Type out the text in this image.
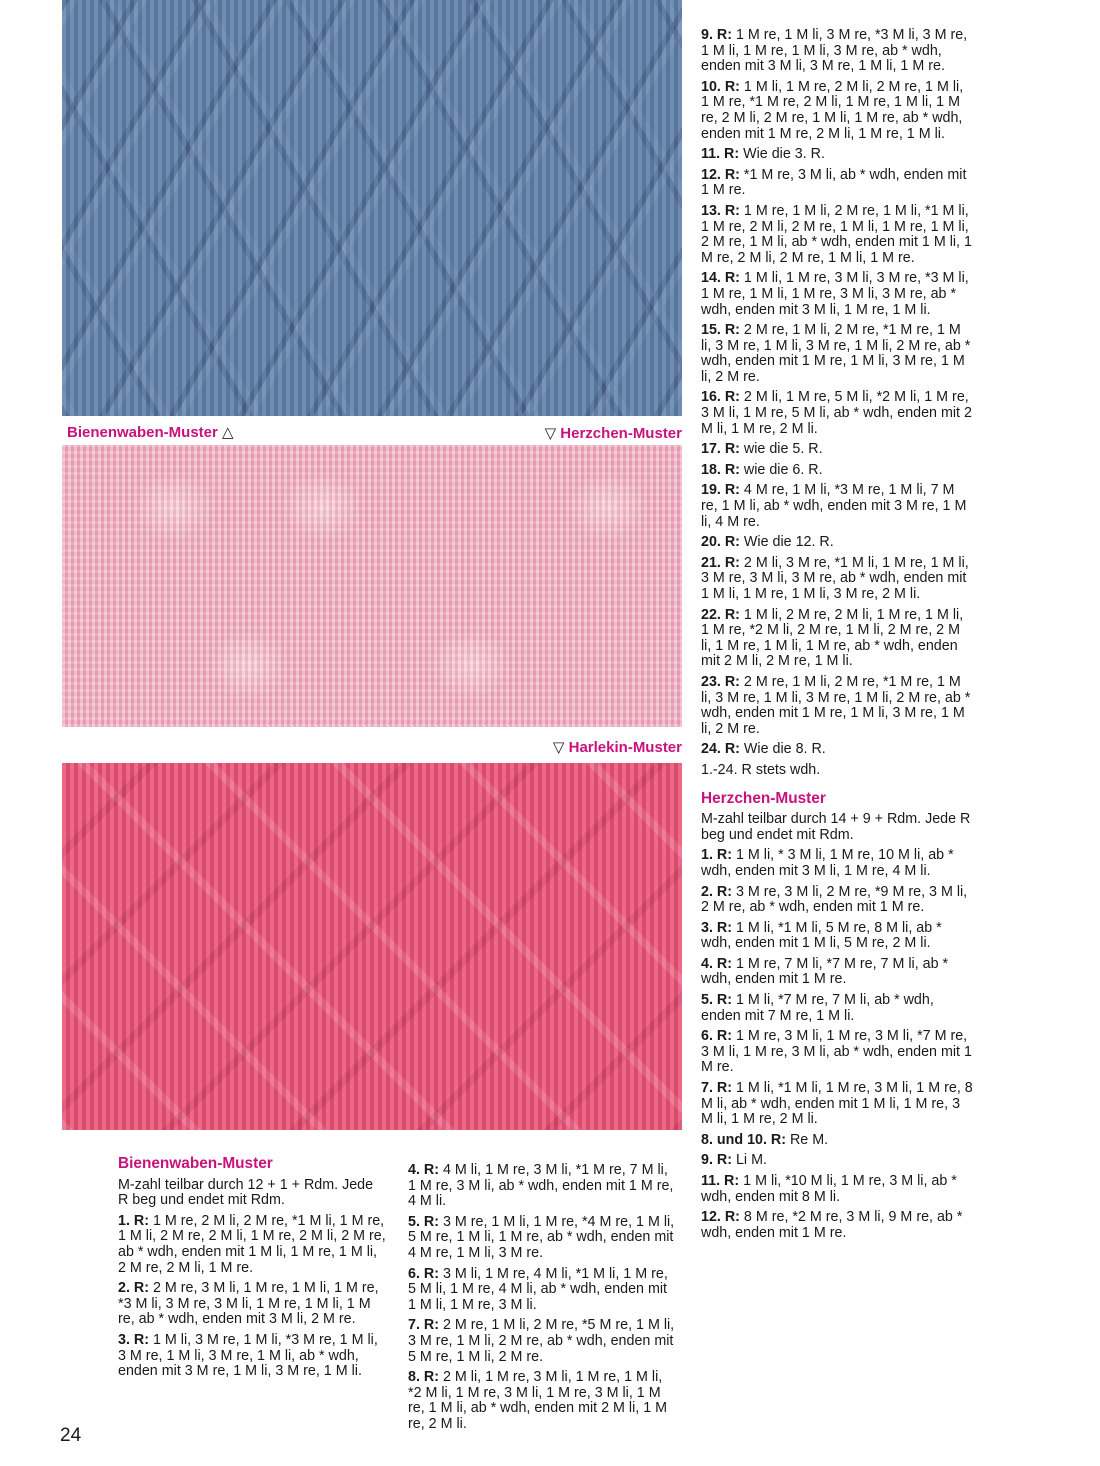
Bienenwaben-Muster △	▽ Herzchen-Muster
▽ Harlekin-Muster

Bienenwaben-Muster

M-zahl teilbar durch 12 + 1 + Rdm. Jede R beg und endet mit Rdm.

1. R: 1 M re, 2 M li, 2 M re, *1 M li, 1 M re, 1 M li, 2 M re, 2 M li, 1 M re, 2 M li, 2 M re, ab * wdh, enden mit 1 M li, 1 M re, 1 M li, 2 M re, 2 M li, 1 M re.

2. R: 2 M re, 3 M li, 1 M re, 1 M li, 1 M re, *3 M li, 3 M re, 3 M li, 1 M re, 1 M li, 1 M re, ab * wdh, enden mit 3 M li, 2 M re.

3. R: 1 M li, 3 M re, 1 M li, *3 M re, 1 M li, 3 M re, 1 M li, 3 M re, 1 M li, ab * wdh, enden mit 3 M re, 1 M li, 3 M re, 1 M li.

4. R: 4 M li, 1 M re, 3 M li, *1 M re, 7 M li, 1 M re, 3 M li, ab * wdh, enden mit 1 M re, 4 M li.

5. R: 3 M re, 1 M li, 1 M re, *4 M re, 1 M li, 5 M re, 1 M li, 1 M re, ab * wdh, enden mit 4 M re, 1 M li, 3 M re.

6. R: 3 M li, 1 M re, 4 M li, *1 M li, 1 M re, 5 M li, 1 M re, 4 M li, ab * wdh, enden mit 1 M li, 1 M re, 3 M li.

7. R: 2 M re, 1 M li, 2 M re, *5 M re, 1 M li, 3 M re, 1 M li, 2 M re, ab * wdh, enden mit 5 M re, 1 M li, 2 M re.

8. R: 2 M li, 1 M re, 3 M li, 1 M re, 1 M li, *2 M li, 1 M re, 3 M li, 1 M re, 3 M li, 1 M re, 1 M li, ab * wdh, enden mit 2 M li, 1 M re, 2 M li.

9. R: 1 M re, 1 M li, 3 M re, *3 M li, 3 M re, 1 M li, 1 M re, 1 M li, 3 M re, ab * wdh, enden mit 3 M li, 3 M re, 1 M li, 1 M re.

10. R: 1 M li, 1 M re, 2 M li, 2 M re, 1 M li, 1 M re, *1 M re, 2 M li, 1 M re, 1 M li, 1 M re, 2 M li, 2 M re, 1 M li, 1 M re, ab * wdh, enden mit 1 M re, 2 M li, 1 M re, 1 M li.

11. R: Wie die 3. R.

12. R: *1 M re, 3 M li, ab * wdh, enden mit 1 M re.

13. R: 1 M re, 1 M li, 2 M re, 1 M li, *1 M li, 1 M re, 2 M li, 2 M re, 1 M li, 1 M re, 1 M li, 2 M re, 1 M li, ab * wdh, enden mit 1 M li, 1 M re, 2 M li, 2 M re, 1 M li, 1 M re.

14. R: 1 M li, 1 M re, 3 M li, 3 M re, *3 M li, 1 M re, 1 M li, 1 M re, 3 M li, 3 M re, ab * wdh, enden mit 3 M li, 1 M re, 1 M li.

15. R: 2 M re, 1 M li, 2 M re, *1 M re, 1 M li, 3 M re, 1 M li, 3 M re, 1 M li, 2 M re, ab * wdh, enden mit 1 M re, 1 M li, 3 M re, 1 M li, 2 M re.

16. R: 2 M li, 1 M re, 5 M li, *2 M li, 1 M re, 3 M li, 1 M re, 5 M li, ab * wdh, enden mit 2 M li, 1 M re, 2 M li.

17. R: wie die 5. R.

18. R: wie die 6. R.

19. R: 4 M re, 1 M li, *3 M re, 1 M li, 7 M re, 1 M li, ab * wdh, enden mit 3 M re, 1 M li, 4 M re.

20. R: Wie die 12. R.

21. R: 2 M li, 3 M re, *1 M li, 1 M re, 1 M li, 3 M re, 3 M li, 3 M re, ab * wdh, enden mit 1 M li, 1 M re, 1 M li, 3 M re, 2 M li.

22. R: 1 M li, 2 M re, 2 M li, 1 M re, 1 M li, 1 M re, *2 M li, 2 M re, 1 M li, 2 M re, 2 M li, 1 M re, 1 M li, 1 M re, ab * wdh, enden mit 2 M li, 2 M re, 1 M li.

23. R: 2 M re, 1 M li, 2 M re, *1 M re, 1 M li, 3 M re, 1 M li, 3 M re, 1 M li, 2 M re, ab * wdh, enden mit 1 M re, 1 M li, 3 M re, 1 M li, 2 M re.

24. R: Wie die 8. R.

1.-24. R stets wdh.

Herzchen-Muster

M-zahl teilbar durch 14 + 9 + Rdm. Jede R beg und endet mit Rdm.

1. R: 1 M li, * 3 M li, 1 M re, 10 M li, ab * wdh, enden mit 3 M li, 1 M re, 4 M li.

2. R: 3 M re, 3 M li, 2 M re, *9 M re, 3 M li, 2 M re, ab * wdh, enden mit 1 M re.

3. R: 1 M li, *1 M li, 5 M re, 8 M li, ab * wdh, enden mit 1 M li, 5 M re, 2 M li.

4. R: 1 M re, 7 M li, *7 M re, 7 M li, ab * wdh, enden mit 1 M re.

5. R: 1 M li, *7 M re, 7 M li, ab * wdh, enden mit 7 M re, 1 M li.

6. R: 1 M re, 3 M li, 1 M re, 3 M li, *7 M re, 3 M li, 1 M re, 3 M li, ab * wdh, enden mit 1 M re.

7. R: 1 M li, *1 M li, 1 M re, 3 M li, 1 M re, 8 M li, ab * wdh, enden mit 1 M li, 1 M re, 3 M li, 1 M re, 2 M li.

8. und 10. R: Re M.

9. R: Li M.

11. R: 1 M li, *10 M li, 1 M re, 3 M li, ab * wdh, enden mit 8 M li.

12. R: 8 M re, *2 M re, 3 M li, 9 M re, ab * wdh, enden mit 1 M re.

24
